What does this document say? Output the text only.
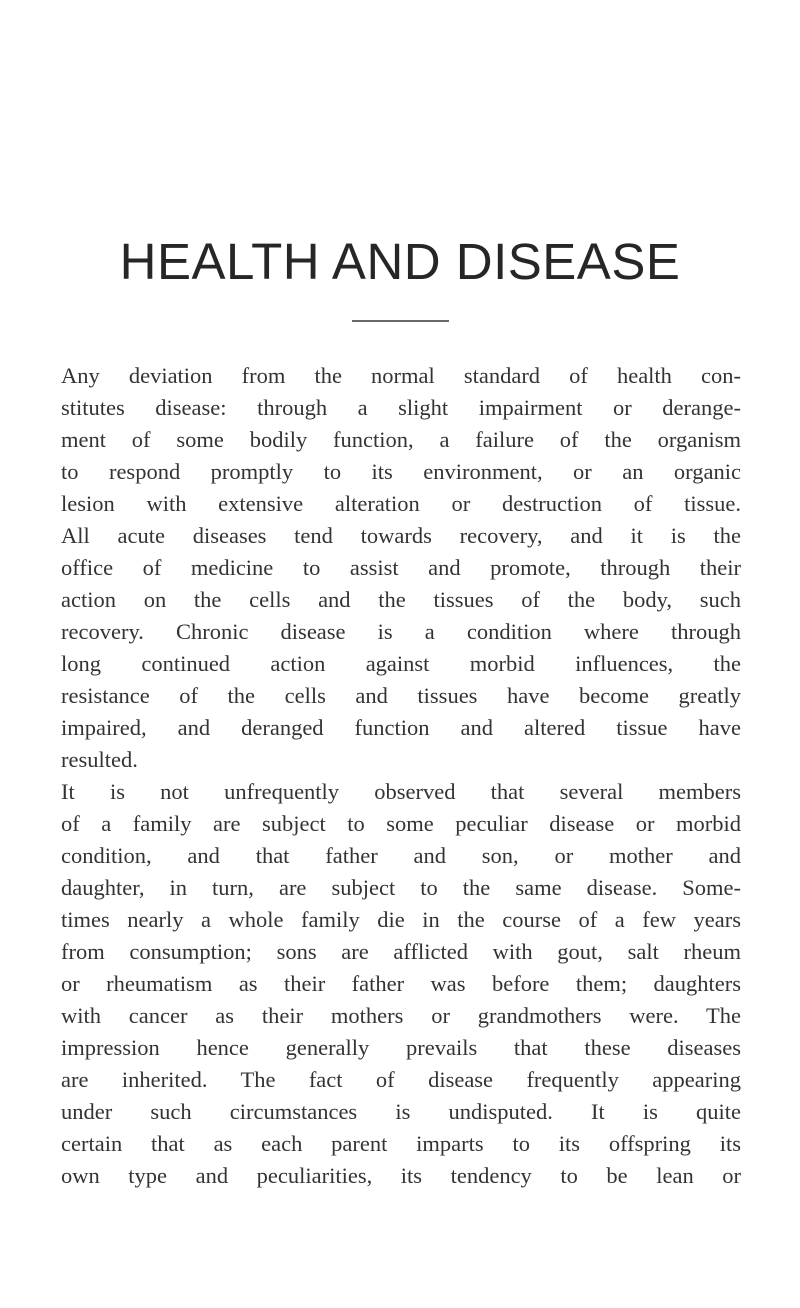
HEALTH AND DISEASE
Any deviation from the normal standard of health con-
stitutes disease: through a slight impairment or derange-
ment of some bodily function, a failure of the organism
to respond promptly to its environment, or an organic
lesion with extensive alteration or destruction of tissue.
All acute diseases tend towards recovery, and it is the
office of medicine to assist and promote, through their
action on the cells and the tissues of the body, such
recovery. Chronic disease is a condition where through
long continued action against morbid influences, the
resistance of the cells and tissues have become greatly
impaired, and deranged function and altered tissue have
resulted.
It is not unfrequently observed that several members
of a family are subject to some peculiar disease or morbid
condition, and that father and son, or mother and
daughter, in turn, are subject to the same disease. Some-
times nearly a whole family die in the course of a few years
from consumption; sons are afflicted with gout, salt rheum
or rheumatism as their father was before them; daughters
with cancer as their mothers or grandmothers were. The
impression hence generally prevails that these diseases
are inherited. The fact of disease frequently appearing
under such circumstances is undisputed. It is quite
certain that as each parent imparts to its offspring its
own type and peculiarities, its tendency to be lean or
